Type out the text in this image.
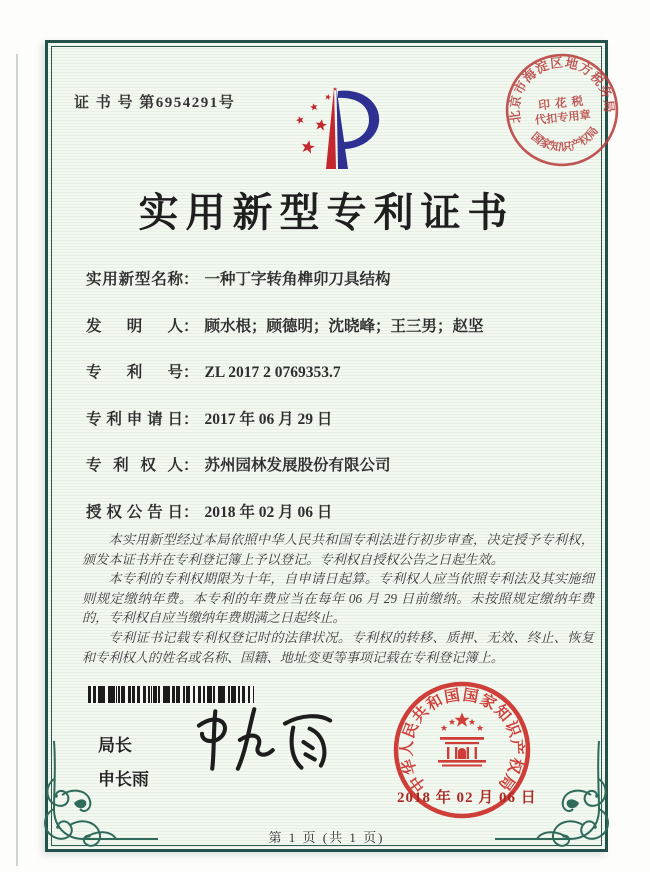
证 书 号 第6954291号
北京市海淀区地方税务局
印 花 税
代扣专用章
国家知识产权局
实用新型专利证书
实用新型名称： 一种丁字转角榫卯刀具结构
发明人： 顾水根；顾德明；沈晓峰；王三男；赵坚
专利号： ZL 2017 2 0769353.7
专利申请日： 2017 年 06 月 29 日
专利权人： 苏州园林发展股份有限公司
授权公告日： 2018 年 02 月 06 日

本实用新型经过本局依照中华人民共和国专利法进行初步审查，决定授予专利权，颁发本证书并在专利登记簿上予以登记。专利权自授权公告之日起生效。

本专利的专利权期限为十年，自申请日起算。专利权人应当依照专利法及其实施细则规定缴纳年费。本专利的年费应当在每年 06 月 29 日前缴纳。未按照规定缴纳年费的，专利权自应当缴纳年费期满之日起终止。

专利证书记载专利权登记时的法律状况。专利权的转移、质押、无效、终止、恢复和专利权人的姓名或名称、国籍、地址变更等事项记载在专利登记簿上。

局长
申长雨	中华人民共和国国家知识产权局
2018 年 02 月 06 日
第 1 页 (共 1 页)
